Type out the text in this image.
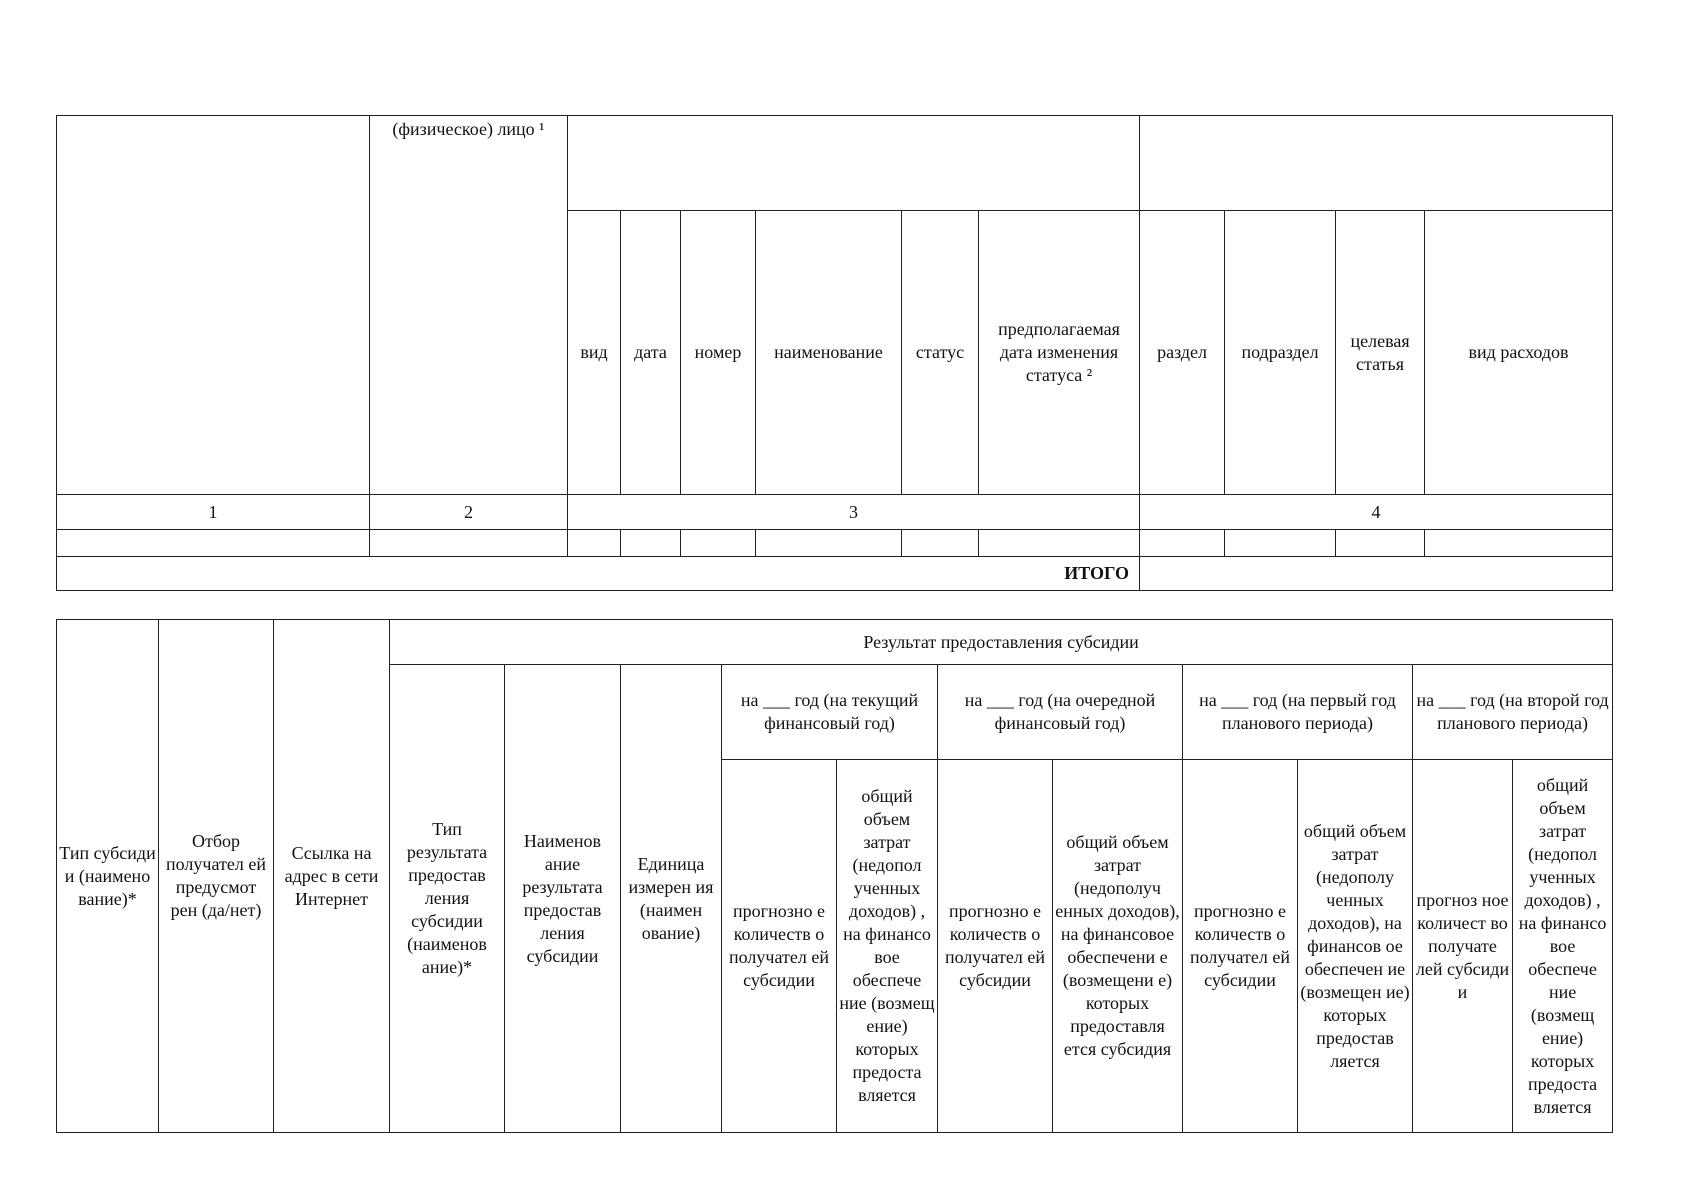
	(физическое) лицо ¹										
		вид	дата	номер	наименование	статус	предполагаемая дата изменения статуса ²	раздел	подраздел	целевая статья	вид расходов
1	2	3						4			

ИТОГО											
Тип субсиди и (наимено вание)*	Отбор получател ей предусмот рен (да/нет)	Ссылка на адрес в сети Интернет	Результат предоставления субсидии										
			Тип результата предостав ления субсидии (наименов ание)*	Наименов ание результата предостав ления субсидии	Единица измерен ия (наимен ование)	на ___ год (на текущий финансовый год)		на ___ год (на очередной финансовый год)		на ___ год (на первый год планового периода)		на ___ год (на второй год планового периода)	
						прогнозно е количеств о получател ей субсидии	общий объем затрат (недопол ученных доходов) , на финансо вое обеспече ние (возмещ ение) которых предоста вляется	прогнозно е количеств о получател ей субсидии	общий объем затрат (недополуч енных доходов), на финансовое обеспечени е (возмещени е) которых предоставля ется субсидия	прогнозно е количеств о получател ей субсидии	общий объем затрат (недополу ченных доходов), на финансов ое обеспечен ие (возмещен ие) которых предостав ляется	прогноз ное количест во получате лей субсиди и	общий объем затрат (недопол ученных доходов) , на финансо вое обеспече ние (возмещ ение) которых предоста вляется
